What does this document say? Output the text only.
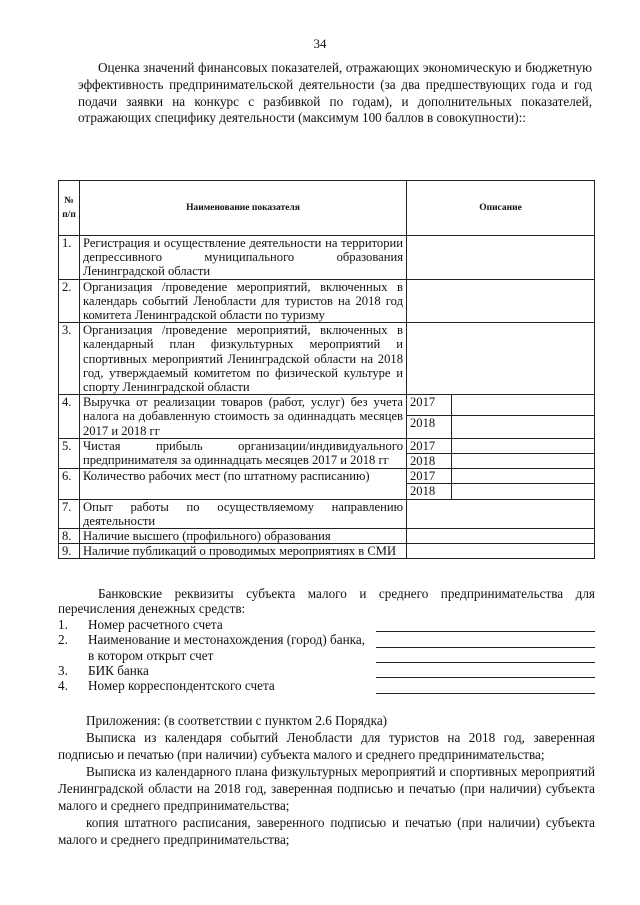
34
Оценка значений финансовых показателей, отражающих экономическую и бюджетную эффективность предпринимательской деятельности (за два предшествующих года и год подачи заявки на конкурс с разбивкой по годам), и дополнительных показателей, отражающих специфику деятельности (максимум 100 баллов в совокупности)::
№ п/п	Наименование показателя	Описание	
1.	Регистрация и осуществление деятельности на территории депрессивного муниципального образования Ленинградской области		
2.	Организация /проведение мероприятий, включенных в календарь событий Ленобласти для туристов на 2018 год комитета Ленинградской области по туризму		
3.	Организация /проведение мероприятий, включенных в календарный план физкультурных мероприятий и спортивных мероприятий Ленинградской области на 2018 год, утверждаемый комитетом по физической культуре и спорту Ленинградской области		
4.	Выручка от реализации товаров (работ, услуг) без учета налога на добавленную стоимость за одиннадцать месяцев 2017 и 2018 гг	2017	
		2018	
5.	Чистая прибыль организации/индивидуального предпринимателя за одиннадцать месяцев 2017 и 2018 гг	2017	
		2018	
6.	Количество рабочих мест (по штатному расписанию)	2017	
		2018	
7.	Опыт работы по осуществляемому направлению деятельности		
8.	Наличие высшего (профильного) образования		
9.	Наличие публикаций о проводимых мероприятиях в СМИ		
Банковские реквизиты субъекта малого и среднего предпринимательства для перечисления денежных средств:
1.	Номер расчетного счета
2.	Наименование и местонахождения (город) банка,
в котором открыт счет
3.	БИК банка
4.	Номер корреспондентского счета

Приложения: (в соответствии с пунктом 2.6 Порядка)

Выписка из календаря событий Ленобласти для туристов на 2018 год, заверенная подписью и печатью (при наличии) субъекта малого и среднего предпринимательства;

Выписка из календарного плана физкультурных мероприятий и спортивных мероприятий Ленинградской области на 2018 год, заверенная подписью и печатью (при наличии) субъекта малого и среднего предпринимательства;

копия штатного расписания, заверенного подписью и печатью (при наличии) субъекта малого и среднего предпринимательства;
